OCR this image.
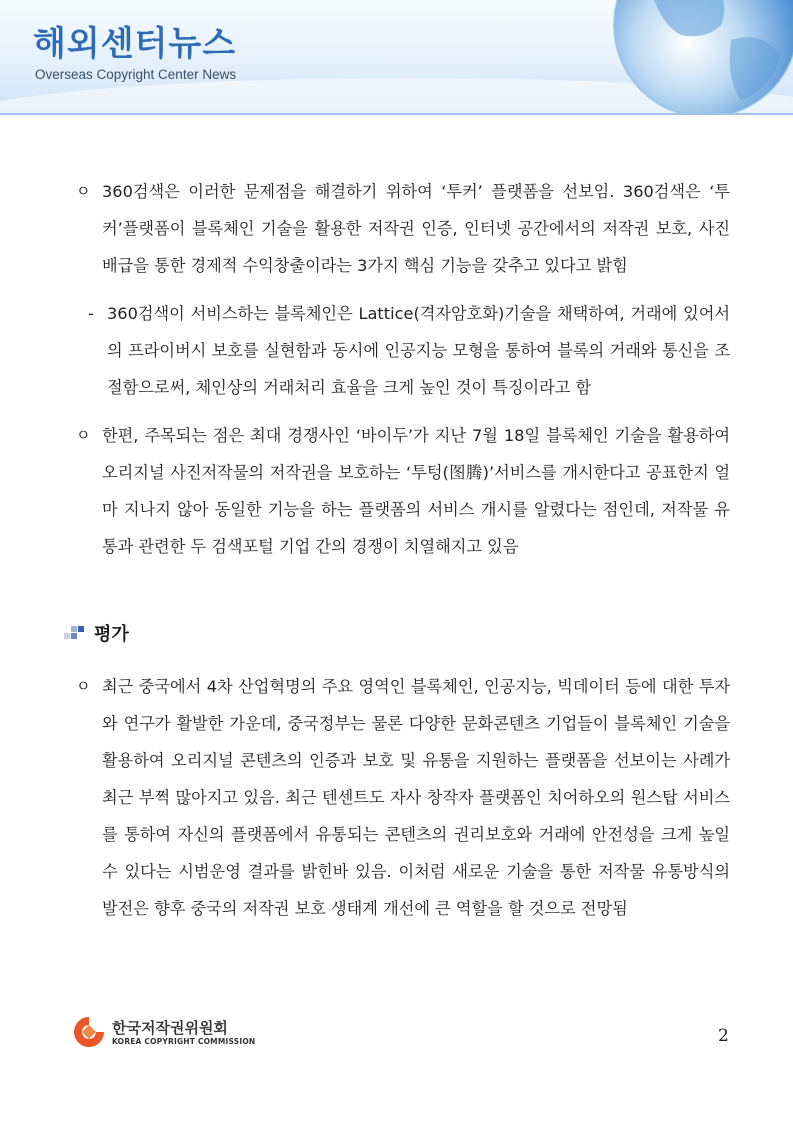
해외센터뉴스
Overseas Copyright Center News
ㅇ 360검색은 이러한 문제점을 해결하기 위하여 ‘투커’ 플랫폼을 선보임. 360검색은 ‘투커’플랫폼이 블록체인 기술을 활용한 저작권 인증, 인터넷 공간에서의 저작권 보호, 사진배급을 통한 경제적 수익창출이라는 3가지 핵심 기능을 갖추고 있다고 밝힘
- 360검색이 서비스하는 블록체인은 Lattice(격자암호화)기술을 채택하여, 거래에 있어서의 프라이버시 보호를 실현함과 동시에 인공지능 모형을 통하여 블록의 거래와 통신을 조절함으로써, 체인상의 거래처리 효율을 크게 높인 것이 특징이라고 함
ㅇ 한편, 주목되는 점은 최대 경쟁사인 ‘바이두’가 지난 7월 18일 블록체인 기술을 활용하여 오리지널 사진저작물의 저작권을 보호하는 ‘투텅(图腾)’서비스를 개시한다고 공표한지 얼마 지나지 않아 동일한 기능을 하는 플랫폼의 서비스 개시를 알렸다는 점인데, 저작물 유통과 관련한 두 검색포털 기업 간의 경쟁이 치열해지고 있음
평가
ㅇ 최근 중국에서 4차 산업혁명의 주요 영역인 블록체인, 인공지능, 빅데이터 등에 대한 투자와 연구가 활발한 가운데, 중국정부는 물론 다양한 문화콘텐츠 기업들이 블록체인 기술을 활용하여 오리지널 콘텐츠의 인증과 보호 및 유통을 지원하는 플랫폼을 선보이는 사례가 최근 부쩍 많아지고 있음. 최근 텐센트도 자사 창작자 플랫폼인 치어하오의 원스탑 서비스를 통하여 자신의 플랫폼에서 유통되는 콘텐츠의 권리보호와 거래에 안전성을 크게 높일 수 있다는 시범운영 결과를 밝힌바 있음. 이처럼 새로운 기술을 통한 저작물 유통방식의 발전은 향후 중국의 저작권 보호 생태계 개선에 큰 역할을 할 것으로 전망됨
한국저작권위원회
KOREA COPYRIGHT COMMISSION	2
